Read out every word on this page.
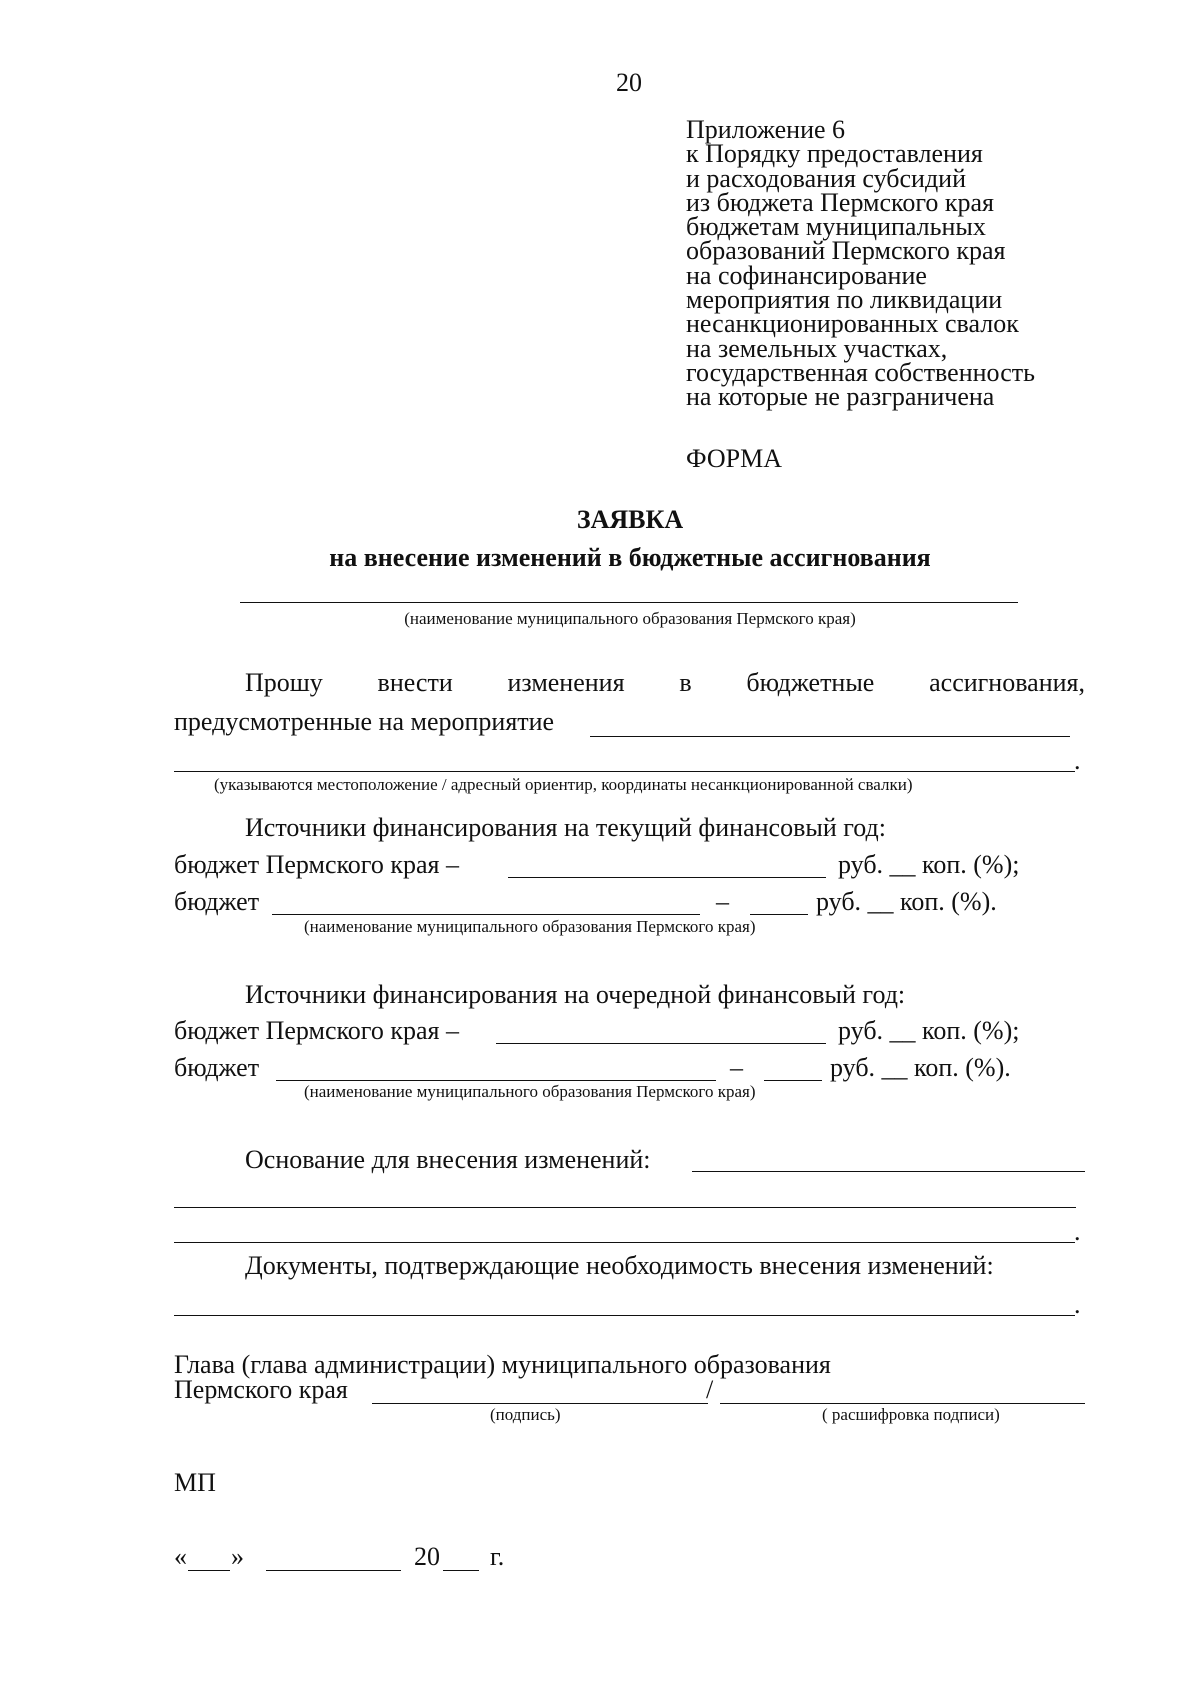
20
Приложение 6
к Порядку предоставления
и расходования субсидий
из бюджета Пермского края
бюджетам муниципальных
образований Пермского края
на софинансирование
мероприятия по ликвидации
несанкционированных свалок
на земельных участках,
государственная собственность
на которые не разграничена
ФОРМА
ЗАЯВКА
на внесение изменений в бюджетные ассигнования
(наименование муниципального образования Пермского края)
Прошу внести изменения в бюджетные ассигнования,
предусмотренные на мероприятие
.
(указываются местоположение / адресный ориентир, координаты несанкционированной свалки)
Источники финансирования на текущий финансовый год:
бюджет Пермского края –	руб. __ коп. (%);
бюджет	–	руб. __ коп. (%).
(наименование муниципального образования Пермского края)
Источники финансирования на очередной финансовый год:
бюджет Пермского края –	руб. __ коп. (%);
бюджет	–	руб. __ коп. (%).
(наименование муниципального образования Пермского края)
Основание для внесения изменений:
.
Документы, подтверждающие необходимость внесения изменений:
.
Глава (глава администрации) муниципального образования
Пермского края	/
(подпись)	( расшифровка подписи)
МП
« »	20 г.
